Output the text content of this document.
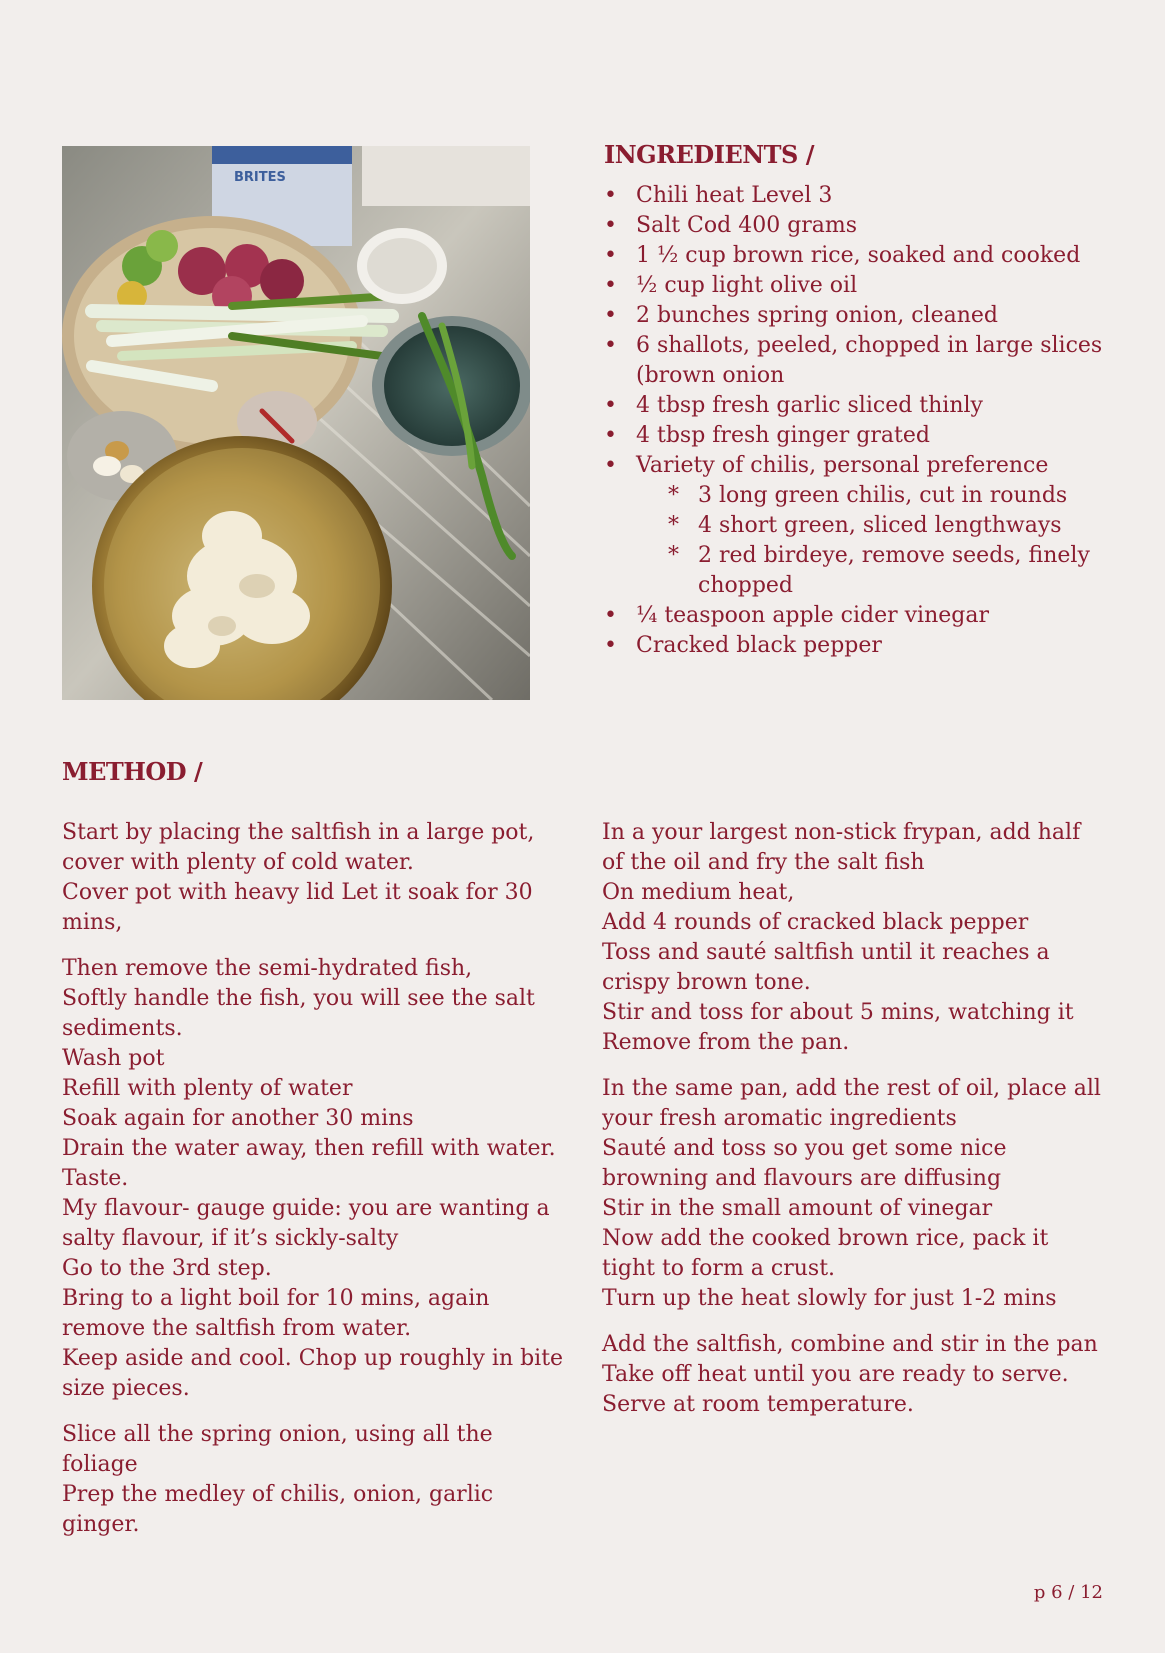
BRITES
INGREDIENTS /
• Chili heat Level 3
• Salt Cod 400 grams
• 1 ½ cup brown rice, soaked and cooked
• ½ cup light olive oil
• 2 bunches spring onion, cleaned
• 6 shallots, peeled, chopped in large slices (brown onion
• 4 tbsp fresh garlic sliced thinly
• 4 tbsp fresh ginger grated
• Variety of chilis, personal preference
* 3 long green chilis, cut in rounds
* 4 short green, sliced lengthways
* 2 red birdeye, remove seeds, finely chopped
• ¼ teaspoon apple cider vinegar
• Cracked black pepper
METHOD /

Start by placing the saltfish in a large pot, cover with plenty of cold water.
Cover pot with heavy lid Let it soak for 30 mins,

Then remove the semi-hydrated fish,
Softly handle the fish, you will see the salt sediments.
Wash pot
Refill with plenty of water
Soak again for another 30 mins
Drain the water away, then refill with water. Taste.
My flavour- gauge guide: you are wanting a salty flavour, if it’s sickly-salty
Go to the 3rd step.
Bring to a light boil for 10 mins, again remove the saltfish from water.
Keep aside and cool. Chop up roughly in bite size pieces.

Slice all the spring onion, using all the foliage
Prep the medley of chilis, onion, garlic ginger.

In a your largest non-stick frypan, add half of the oil and fry the salt fish
On medium heat,
Add 4 rounds of cracked black pepper
Toss and sauté saltfish until it reaches a crispy brown tone.
Stir and toss for about 5 mins, watching it
Remove from the pan.

In the same pan, add the rest of oil, place all your fresh aromatic ingredients
Sauté and toss so you get some nice browning and flavours are diffusing
Stir in the small amount of vinegar
Now add the cooked brown rice, pack it tight to form a crust.
Turn up the heat slowly for just 1-2 mins

Add the saltfish, combine and stir in the pan
Take off heat until you are ready to serve.
Serve at room temperature.

p 6 / 12
